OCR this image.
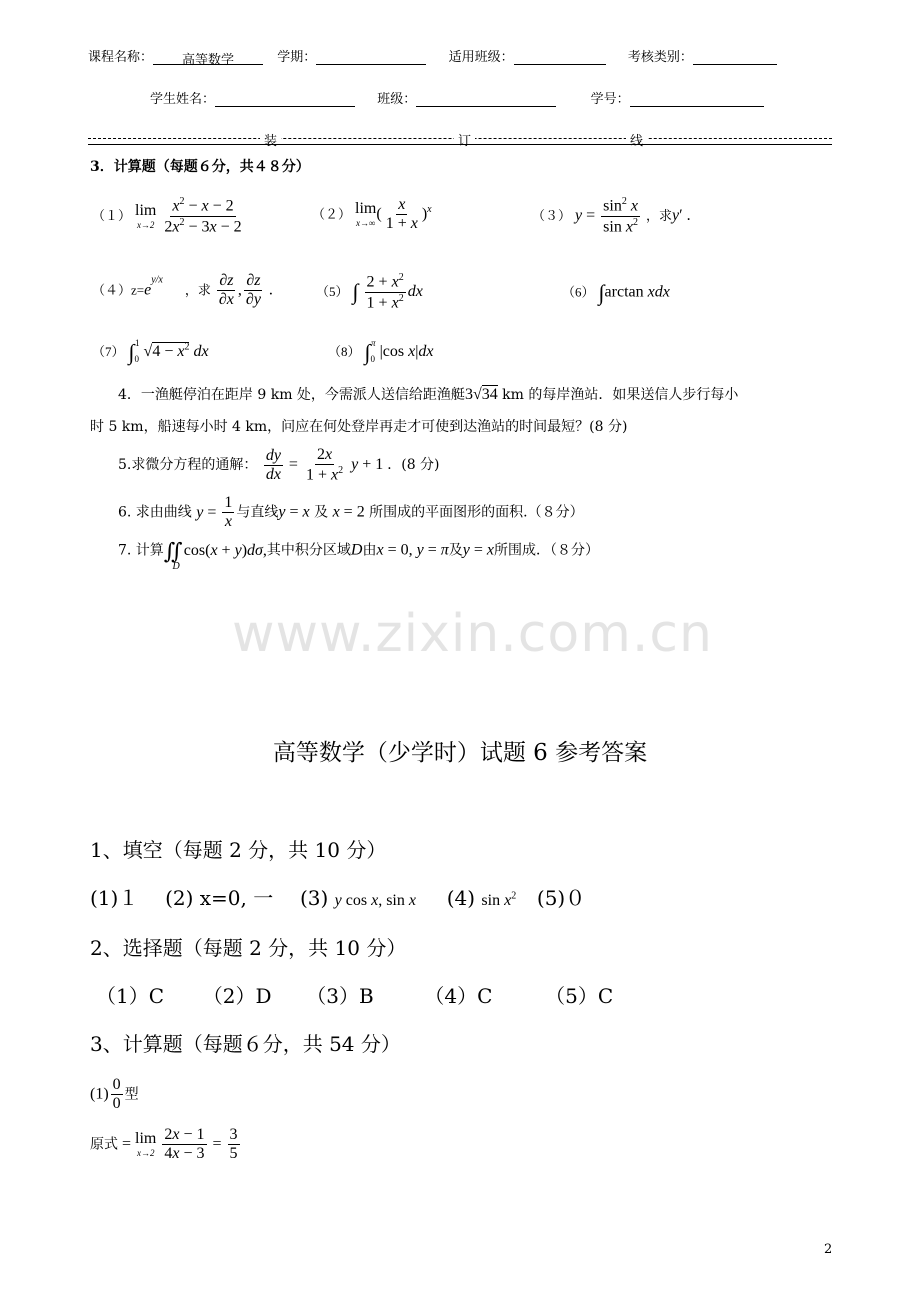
课程名称： 高等数学	学期：	适用班级：	考核类别：
学生姓名：	班级：	学号：
装	订	线
3．计算题（每题６分，共４８分）
（１） lim
x→2
$\frac{x^2 - x - 2}{2x^2 - 3x - 2}$	（２） lim
x→∞
( $\frac{x}{1 + x} )^x$	（３） $y = \frac{\sin^2 x}{\sin x^2}$ ，求y′ .
$(4)z=e^{y/x}$  ，求 $\frac{\partial z}{\partial x}$ , $\frac{\partial z}{\partial y}$ .	（5） ∫ $\frac{2 + x^2}{1 + x^2}$ dx	（6） ∫arctan xdx
（7） $\int_0^1$ $√4 - x^2$ dx	（8） $\int_0^\pi$ |cos x|dx
4．一渔艇停泊在距岸 9 km 处，今需派人送信给距渔艇3√34 km 的每岸渔站．如果送信人步行每小
时 5 km，船速每小时 4 km，问应在何处登岸再走才可使到达渔站的时间最短？(8 分)
5.求微分方程的通解： $\frac{dy}{dx} = \frac{2x}{1 + x^2}$ y + 1 ．(8 分)
6. 求由曲线 $y = \frac{1}{x}$ 与直线y = x 及 x = 2 所围成的平面图形的面积.（８分）
7. 计算$∬_D$ cos(x + y)dσ,其中积分区域D由x = 0, y = π及y = x所围成．（８分）
www.zixin.com.cn
高等数学（少学时）试题 6 参考答案
1、填空（每题 2 分，共 10 分）
(1)１ (2) x=0, 一 (3) y cos x, sin x (4) $\sin x^2$ (5)０
2、选择题（每题 2 分，共 10 分）
（1）C （2）D （3）B	（4）C	（5）C
3、计算题（每题６分，共 54 分）
$(1) \frac{0}{0}$ 型
原式 = lim
x→2
$\frac{2x - 1}{4x - 3} = \frac{3}{5}$
2
